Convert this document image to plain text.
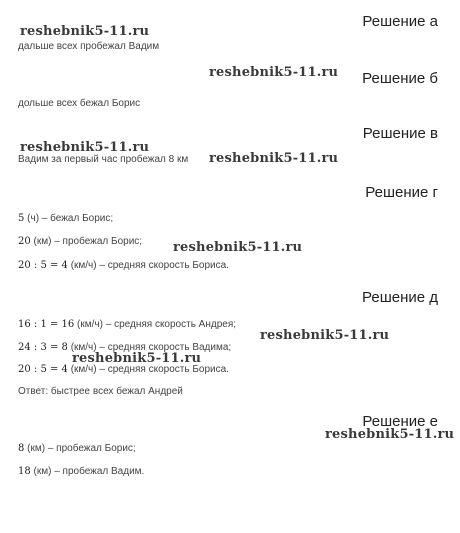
Решение а
reshebnik5-11.ru
дальше всех пробежал Вадим
reshebnik5-11.ru Решение б
дольше всех бежал Борис
Решение в
reshebnik5-11.ru
Вадим за первый час пробежал 8 км reshebnik5-11.ru
Решение г
5 (ч) – бежал Борис;
20 (км) – пробежал Борис; reshebnik5-11.ru
20 : 5 = 4 (км/ч) – средняя скорость Бориса.
Решение д
16 : 1 = 16 (км/ч) – средняя скорость Андрея;
reshebnik5-11.ru
24 : 3 = 8 (км/ч) – средняя скорость Вадима;
reshebnik5-11.ru
20 : 5 = 4 (км/ч) – средняя скорость Бориса.
Ответ: быстрее всех бежал Андрей
Решение е
reshebnik5-11.ru
8 (км) – пробежал Борис;
18 (км) – пробежал Вадим.
